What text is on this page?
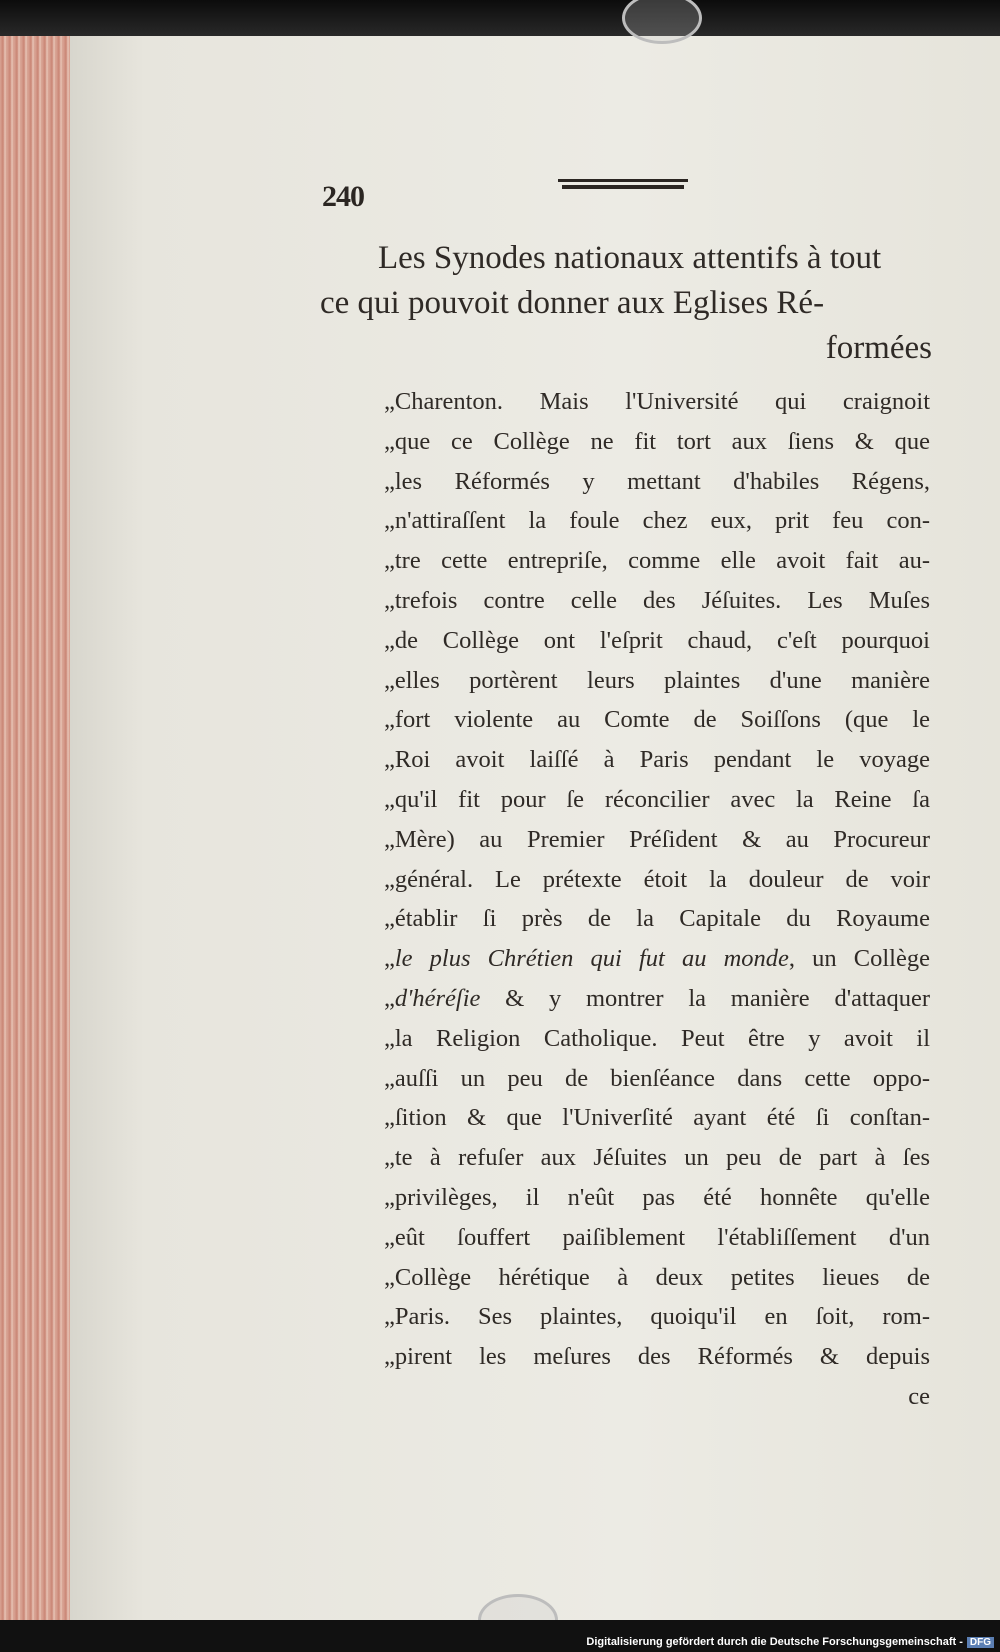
240
Les Synodes nationaux attentifs à tout
ce qui pouvoit donner aux Eglises Ré-
formées
„Charenton. Mais l'Université qui craignoit
„que ce Collège ne fit tort aux ſiens & que
„les Réformés y mettant d'habiles Régens,
„n'attiraſſent la foule chez eux, prit feu con-
„tre cette entrepriſe, comme elle avoit fait au-
„trefois contre celle des Jéſuites. Les Muſes
„de Collège ont l'eſprit chaud, c'eſt pourquoi
„elles portèrent leurs plaintes d'une manière
„fort violente au Comte de Soiſſons (que le
„Roi avoit laiſſé à Paris pendant le voyage
„qu'il fit pour ſe réconcilier avec la Reine ſa
„Mère) au Premier Préſident & au Procureur
„général. Le prétexte étoit la douleur de voir
„établir ſi près de la Capitale du Royaume
„le plus Chrétien qui fut au monde, un Collège
„d'héréſie & y montrer la manière d'attaquer
„la Religion Catholique. Peut être y avoit il
„auſſi un peu de bienſéance dans cette oppo-
„ſition & que l'Univerſité ayant été ſi conſtan-
„te à refuſer aux Jéſuites un peu de part à ſes
„privilèges, il n'eût pas été honnête qu'elle
„eût ſouffert paiſiblement l'établiſſement d'un
„Collège hérétique à deux petites lieues de
„Paris. Ses plaintes, quoiqu'il en ſoit, rom-
„pirent les meſures des Réformés & depuis
ce
Digitalisierung gefördert durch die Deutsche Forschungsgemeinschaft - DFG
